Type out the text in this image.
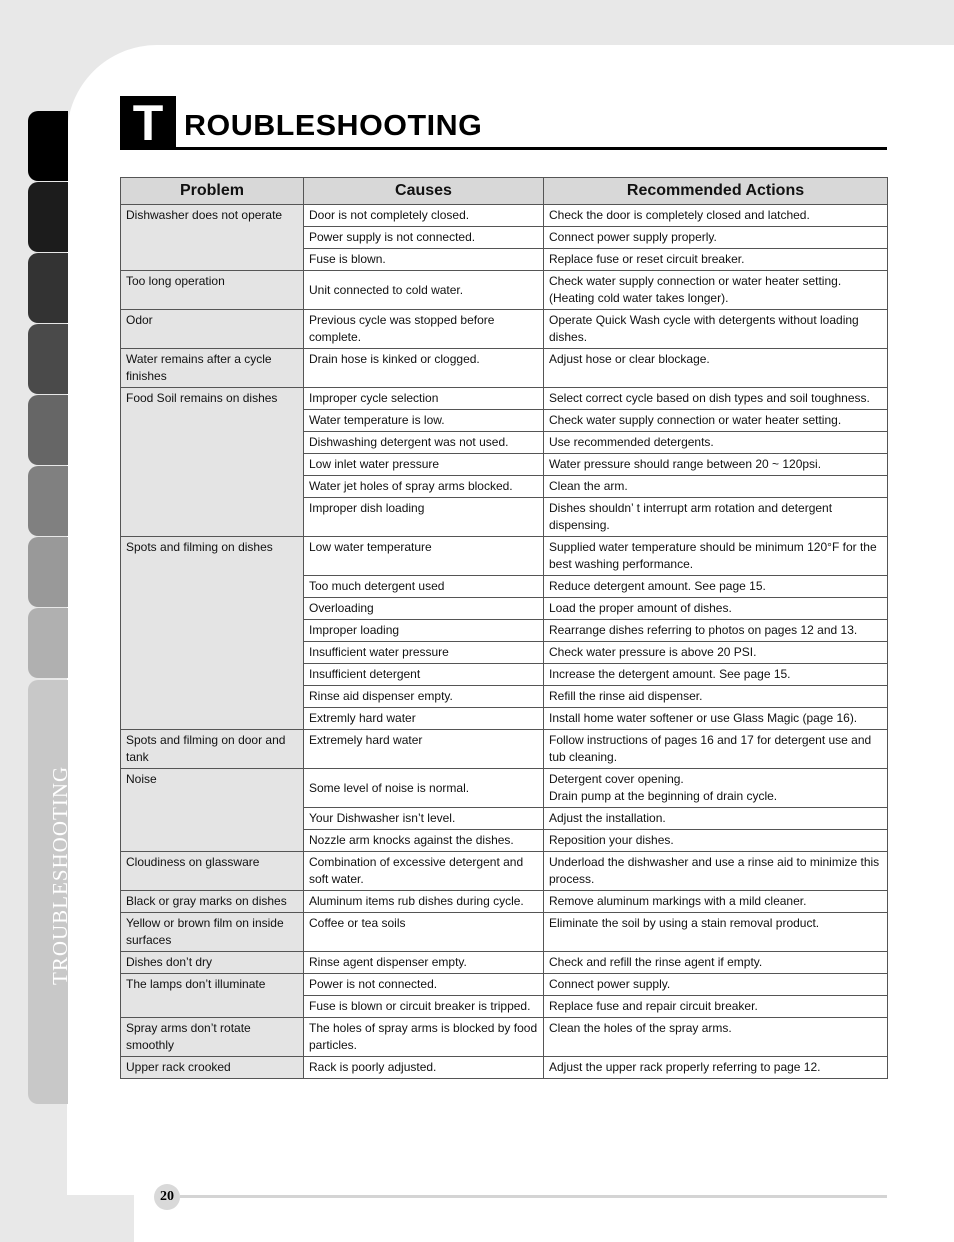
TROUBLESHOOTING
T ROUBLESHOOTING
Problem	Causes	Recommended Actions
Dishwasher does not operate	Door is not completely closed.	Check the door is completely closed and latched.
	Power supply is not connected.	Connect power supply properly.
	Fuse is blown.	Replace fuse or reset circuit breaker.
Too long operation	Unit connected to cold water.	Check water supply connection or water heater setting. (Heating cold water takes longer).
Odor	Previous cycle was stopped before complete.	Operate Quick Wash cycle with detergents without loading dishes.
Water remains after a cycle finishes	Drain hose is kinked or clogged.	Adjust hose or clear blockage.
Food Soil remains on dishes	Improper cycle selection	Select correct cycle based on dish types and soil toughness.
	Water temperature is low.	Check water supply connection or water heater setting.
	Dishwashing detergent was not used.	Use recommended detergents.
	Low inlet water pressure	Water pressure should range between 20 ~ 120psi.
	Water jet holes of spray arms blocked.	Clean the arm.
	Improper dish loading	Dishes shouldn’ t interrupt arm rotation and detergent dispensing.
Spots and filming on dishes	Low water temperature	Supplied water temperature should be minimum 120°F for the best washing performance.
	Too much detergent used	Reduce detergent amount. See page 15.
	Overloading	Load the proper amount of dishes.
	Improper loading	Rearrange dishes referring to photos on pages 12 and 13.
	Insufficient water pressure	Check water pressure is above 20 PSI.
	Insufficient detergent	Increase the detergent amount. See page 15.
	Rinse aid dispenser empty.	Refill the rinse aid dispenser.
	Extremly hard water	Install home water softener or use Glass Magic (page 16).
Spots and filming on door and tank	Extremely hard water	Follow instructions of pages 16 and 17 for detergent use and tub cleaning.
Noise	Some level of noise is normal.	Detergent cover opening.
Drain pump at the beginning of drain cycle.
	Your Dishwasher isn’t level.	Adjust the installation.
	Nozzle arm knocks against the dishes.	Reposition your dishes.
Cloudiness on glassware	Combination of excessive detergent and soft water.	Underload the dishwasher and use a rinse aid to minimize this process.
Black or gray marks on dishes	Aluminum items rub dishes during cycle.	Remove aluminum markings with a mild cleaner.
Yellow or brown film on inside surfaces	Coffee or tea soils	Eliminate the soil by using a stain removal product.
Dishes don’t dry	Rinse agent dispenser empty.	Check and refill the rinse agent if empty.
The lamps don’t illuminate	Power is not connected.	Connect power supply.
	Fuse is blown or circuit breaker is tripped.	Replace fuse and repair circuit breaker.
Spray arms don’t rotate smoothly	The holes of spray arms is blocked by food particles.	Clean the holes of the spray arms.
Upper rack crooked	Rack is poorly adjusted.	Adjust the upper rack properly referring to page 12.
20
